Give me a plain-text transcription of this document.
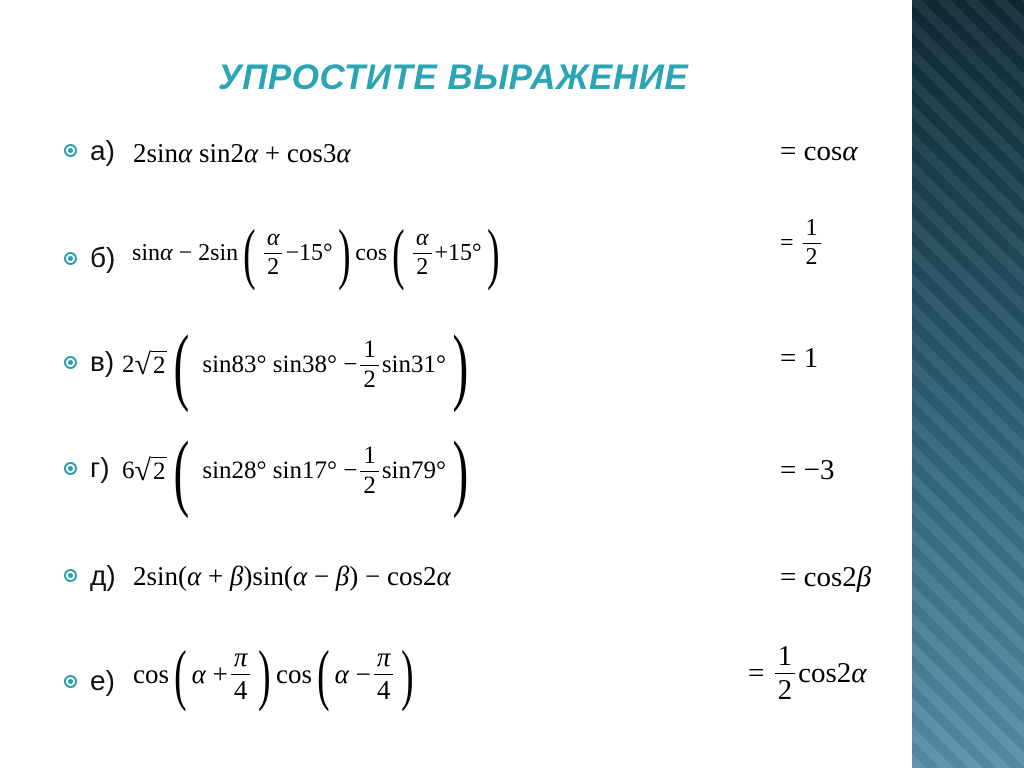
УПРОСТИТЕ ВЫРАЖЕНИЕ
а) 2sin α sin2 α + cos3 α	= cos α
б) sin α − 2sin ( $\frac{\alpha}{2} -15^\circ$ ) cos ( $\frac{\alpha}{2} +15^\circ$ )	= $\frac{1}{2}$
в) 2 √ 2 ( sin83° $\sin 38^\circ - \frac{1}{2} \sin 31^\circ$ )	= 1
г) 6 √ 2 ( sin28° $\sin 17^\circ - \frac{1}{2} \sin 79^\circ$ )	= −3
д) 2sin( α + β )sin( α − β ) − cos2 α	= cos2 β
е) cos ( $\alpha + \frac{\pi}{4}$ ) cos ( $\alpha - \frac{\pi}{4}$ )	= $\frac{1}{2} \cos 2$ α
